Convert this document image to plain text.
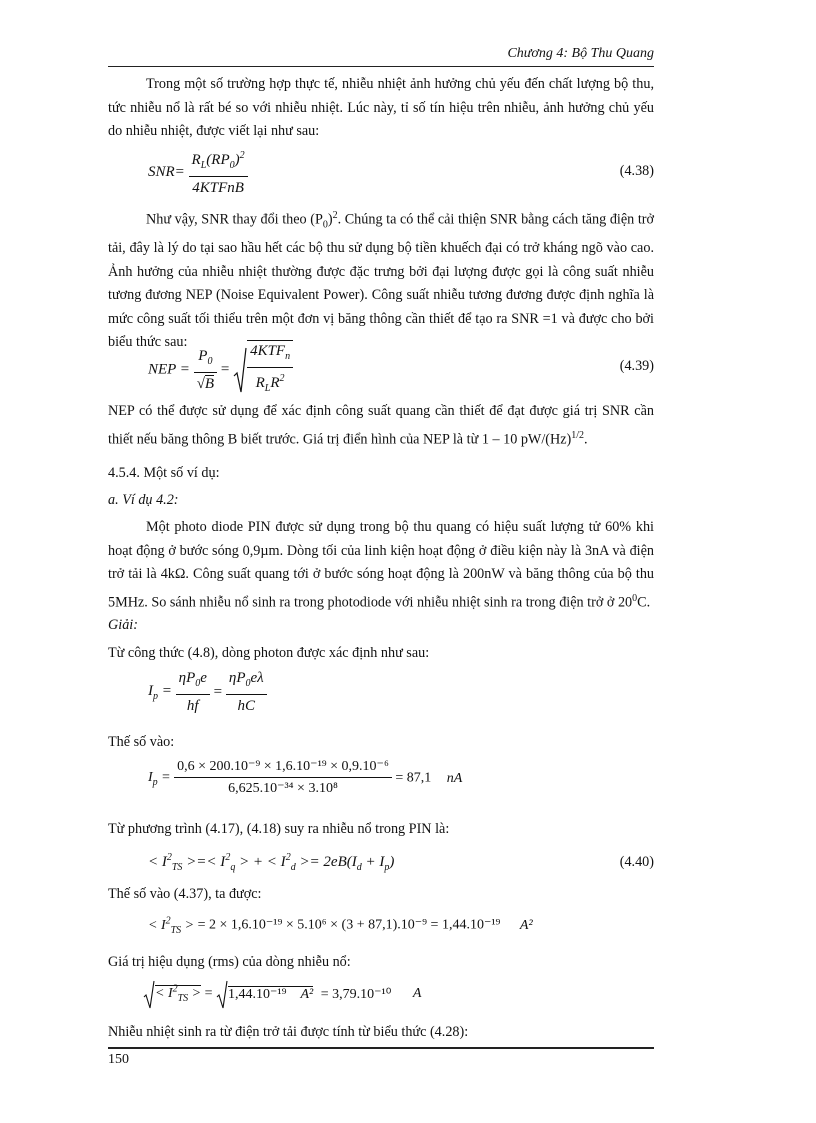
Chương 4: Bộ Thu Quang
Trong một số trường hợp thực tế, nhiễu nhiệt ảnh hưởng chủ yếu đến chất lượng bộ thu, tức nhiễu nổ là rất bé so với nhiễu nhiệt. Lúc này, tỉ số tín hiệu trên nhiễu, ảnh hưởng chủ yếu do nhiễu nhiệt, được viết lại như sau:
$SNR= \frac{R_L(RP_0)^2}{\text{4KTFnB}}$	(4.38)
Như vậy, SNR thay đổi theo $(P_0)^2$. Chúng ta có thể cải thiện SNR bằng cách tăng điện trở tải, đây là lý do tại sao hầu hết các bộ thu sử dụng bộ tiền khuếch đại có trở kháng ngõ vào cao. Ảnh hưởng của nhiễu nhiệt thường được đặc trưng bởi đại lượng được gọi là công suất nhiễu tương đương NEP (Noise Equivalent Power). Công suất nhiễu tương đương được định nghĩa là mức công suất tối thiểu trên một đơn vị băng thông cần thiết để tạo ra SNR =1 và được cho bởi biểu thức sau:
NEP = $\frac{P_0}{√B} = \frac{4KTF_n}{R_LR^2}$	(4.39)
NEP có thể được sử dụng để xác định công suất quang cần thiết để đạt được giá trị SNR cần thiết nếu băng thông B biết trước. Giá trị điển hình của NEP là từ 1 – 10 $pW/(Hz)^{1/2}$.
4.5.4. Một số ví dụ:
a. Ví dụ 4.2:
Một photo diode PIN được sử dụng trong bộ thu quang có hiệu suất lượng tử 60% khi hoạt động ở bước sóng 0,9µm. Dòng tối của linh kiện hoạt động ở điều kiện này là 3nA và điện trở tải là 4kΩ. Công suất quang tới ở bước sóng hoạt động là 200nW và băng thông của bộ thu 5MHz. So sánh nhiễu nổ sinh ra trong photodiode với nhiễu nhiệt sinh ra trong điện trở ở $20^0C$.
Giải:
Từ công thức (4.8), dòng photon được xác định như sau:
$I_p = \frac{\eta P_0e}{hf} = \frac{\eta P_0e\lambda}{hC}$
Thế số vào:
$I_p = \frac{\text{0,6 × 200.10⁻⁹ × 1,6.10⁻¹⁹ × 0,9.10⁻⁶}}{\text{6,625.10⁻³⁴ × 3.10⁸}} = 87,1$ nA
Từ phương trình (4.17), (4.18) suy ra nhiễu nổ trong PIN là:
< $I^2_{TS}$ >=< $I^2_q$ > + < $I^2_d >= 2eB(I_d + I_p)$	(4.40)
Thế số vào (4.37), ta được:
< $I^2_{TS}$ > = 2 × 1,6.10⁻¹⁹ × 5.10⁶ × (3 + 87,1).10⁻⁹ = 1,44.10⁻¹⁹ A²
Giá trị hiệu dụng (rms) của dòng nhiễu nổ:
< $I^2_{TS}$ > = 1,44.10⁻¹⁹ A² = 3,79.10⁻¹⁰ A
Nhiễu nhiệt sinh ra từ điện trở tải được tính từ biểu thức (4.28):
150
